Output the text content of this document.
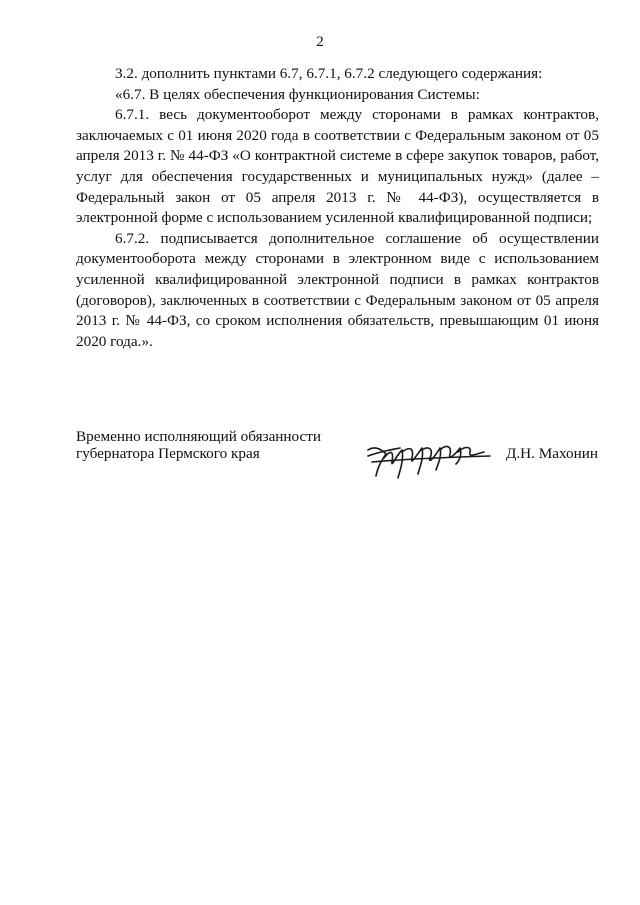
2

3.2. дополнить пунктами 6.7, 6.7.1, 6.7.2 следующего содержания:

«6.7. В целях обеспечения функционирования Системы:

6.7.1. весь документооборот между сторонами в рамках контрактов, заключаемых с 01 июня 2020 года в соответствии с Федеральным законом от 05 апреля 2013 г. № 44-ФЗ «О контрактной системе в сфере закупок товаров, работ, услуг для обеспечения государственных и муниципальных нужд» (далее – Федеральный закон от 05 апреля 2013 г. № 44-ФЗ), осуществляется в электронной форме с использованием усиленной квалифицированной подписи;

6.7.2. подписывается дополнительное соглашение об осуществлении документооборота между сторонами в электронном виде с использованием усиленной квалифицированной электронной подписи в рамках контрактов (договоров), заключенных в соответствии с Федеральным законом от 05 апреля 2013 г. № 44-ФЗ, со сроком исполнения обязательств, превышающим 01 июня 2020 года.».

Временно исполняющий обязанности
губернатора Пермского края	Д.Н. Махонин
